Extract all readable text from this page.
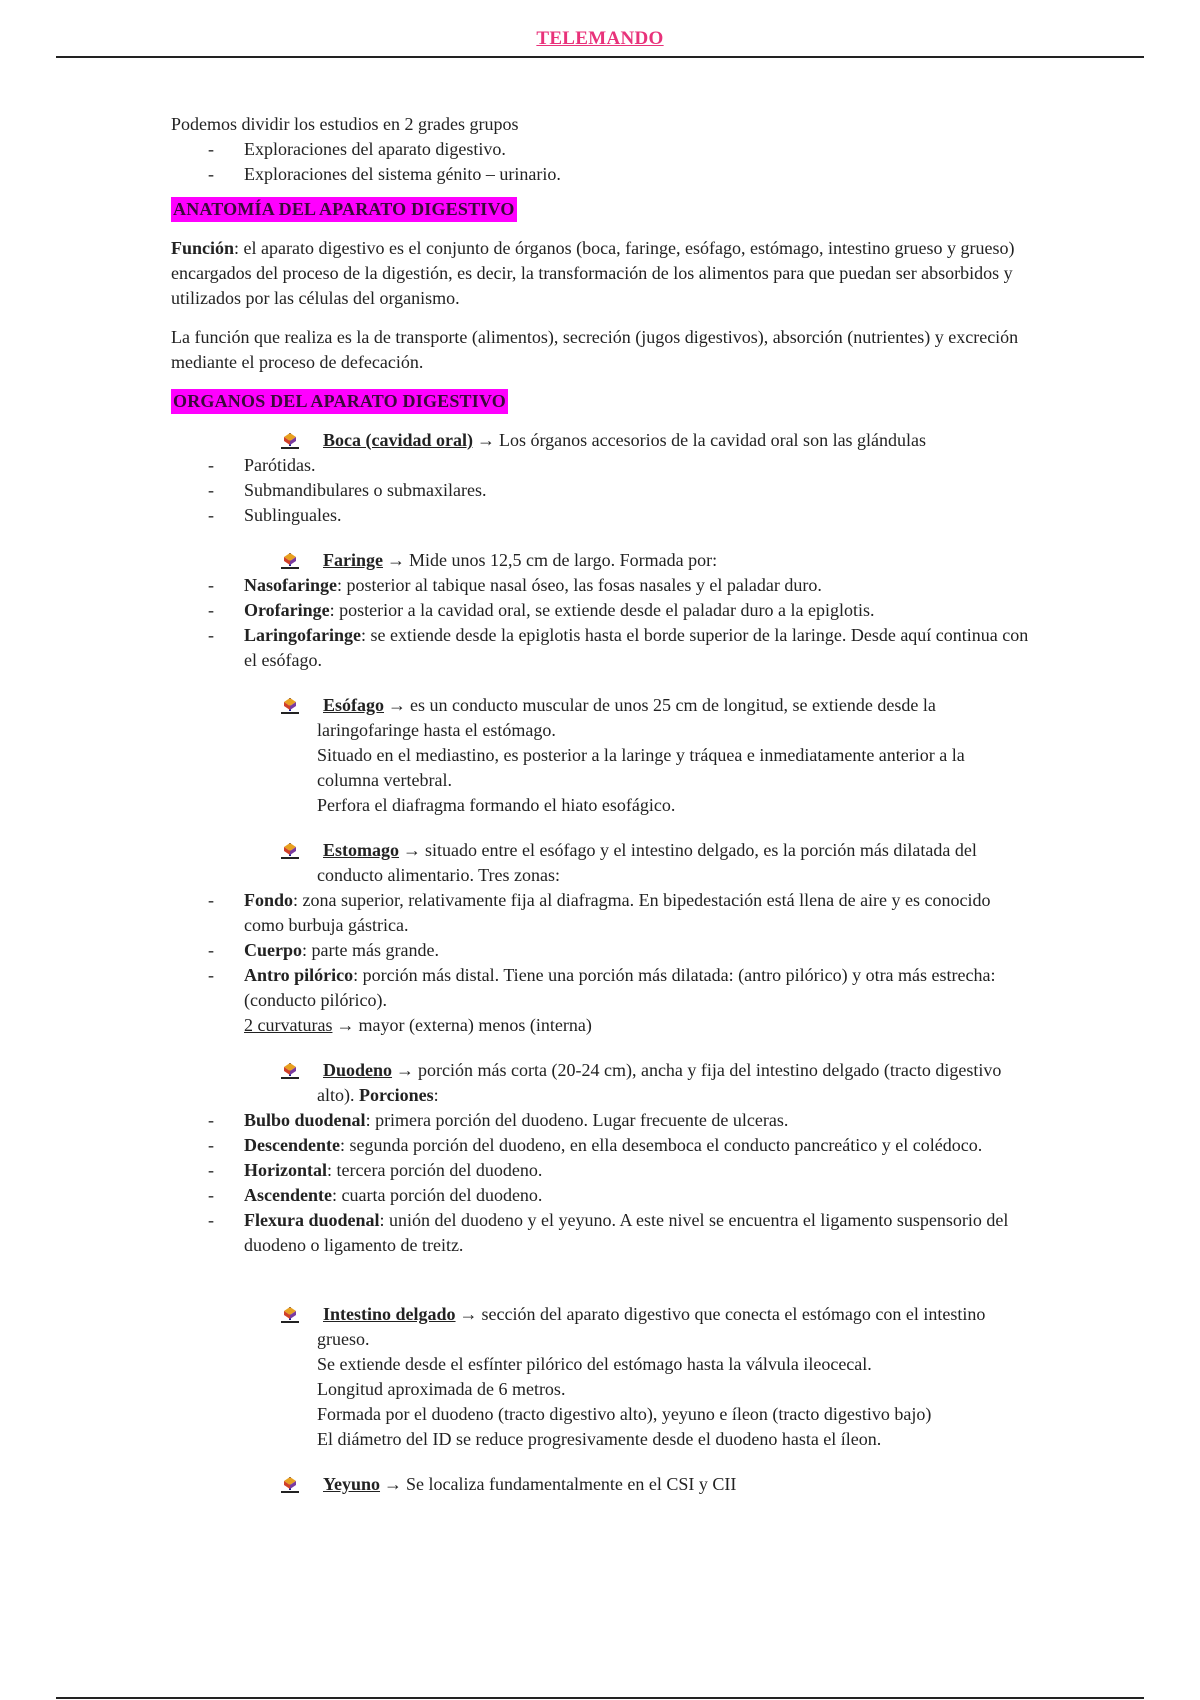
TELEMANDO

Podemos dividir los estudios en 2 grades grupos

- Exploraciones del aparato digestivo.
- Exploraciones del sistema génito – urinario.

ANATOMÍA DEL APARATO DIGESTIVO

Función: el aparato digestivo es el conjunto de órganos (boca, faringe, esófago, estómago, intestino grueso y grueso) encargados del proceso de la digestión, es decir, la transformación de los alimentos para que puedan ser absorbidos y utilizados por las células del organismo.

La función que realiza es la de transporte (alimentos), secreción (jugos digestivos), absorción (nutrientes) y excreción mediante el proceso de defecación.

ORGANOS DEL APARATO DIGESTIVO

Boca (cavidad oral) → Los órganos accesorios de la cavidad oral son las glándulas
- Parótidas.
- Submandibulares o submaxilares.
- Sublinguales.
Faringe → Mide unos 12,5 cm de largo. Formada por:
- Nasofaringe: posterior al tabique nasal óseo, las fosas nasales y el paladar duro.
- Orofaringe: posterior a la cavidad oral, se extiende desde el paladar duro a la epiglotis.
- Laringofaringe: se extiende desde la epiglotis hasta el borde superior de la laringe. Desde aquí continua con el esófago.
Esófago → es un conducto muscular de unos 25 cm de longitud, se extiende desde la laringofaringe hasta el estómago.
Situado en el mediastino, es posterior a la laringe y tráquea e inmediatamente anterior a la columna vertebral.
Perfora el diafragma formando el hiato esofágico.
Estomago → situado entre el esófago y el intestino delgado, es la porción más dilatada del conducto alimentario. Tres zonas:
- Fondo: zona superior, relativamente fija al diafragma. En bipedestación está llena de aire y es conocido como burbuja gástrica.
- Cuerpo: parte más grande.
- Antro pilórico: porción más distal. Tiene una porción más dilatada: (antro pilórico) y otra más estrecha: (conducto pilórico).

2 curvaturas → mayor (externa) menos (interna)

Duodeno → porción más corta (20-24 cm), ancha y fija del intestino delgado (tracto digestivo alto). Porciones:
- Bulbo duodenal: primera porción del duodeno. Lugar frecuente de ulceras.
- Descendente: segunda porción del duodeno, en ella desemboca el conducto pancreático y el colédoco.
- Horizontal: tercera porción del duodeno.
- Ascendente: cuarta porción del duodeno.
- Flexura duodenal: unión del duodeno y el yeyuno. A este nivel se encuentra el ligamento suspensorio del duodeno o ligamento de treitz.
Intestino delgado → sección del aparato digestivo que conecta el estómago con el intestino grueso.
Se extiende desde el esfínter pilórico del estómago hasta la válvula ileocecal.
Longitud aproximada de 6 metros.
Formada por el duodeno (tracto digestivo alto), yeyuno e íleon (tracto digestivo bajo)
El diámetro del ID se reduce progresivamente desde el duodeno hasta el íleon.
Yeyuno → Se localiza fundamentalmente en el CSI y CII
